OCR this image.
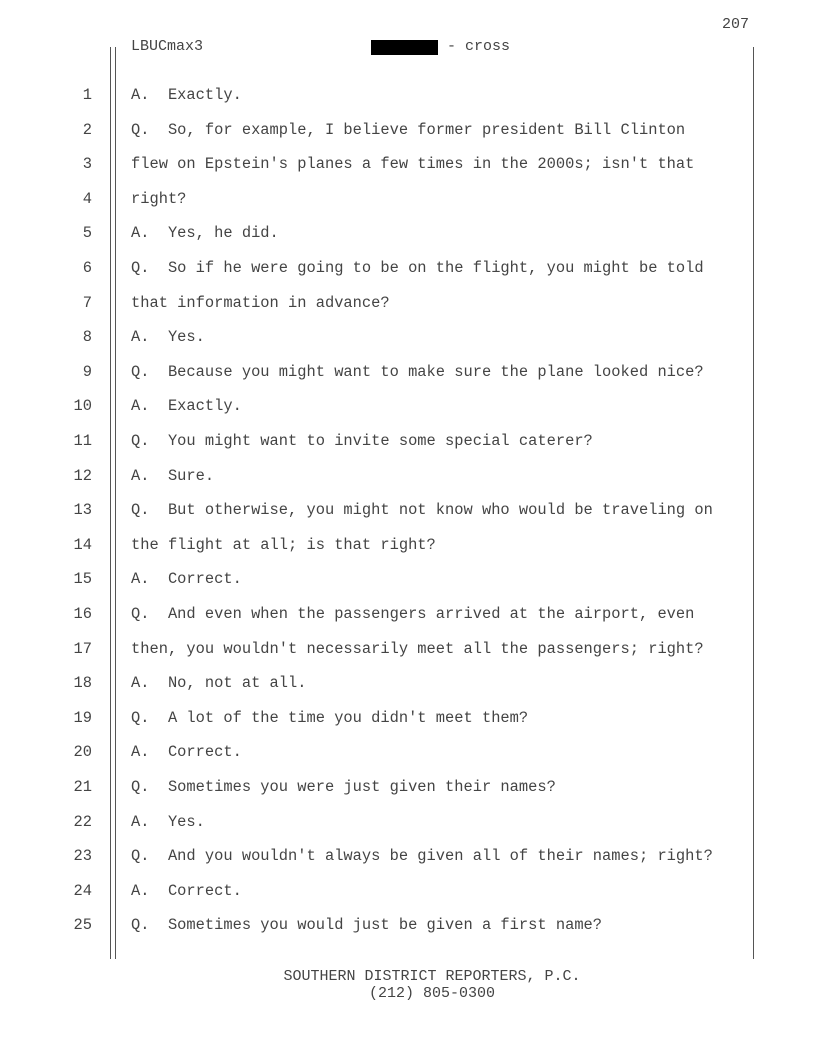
207
LBUCmax3	- cross
1	A.  Exactly.
2	Q.  So, for example, I believe former president Bill Clinton
3	flew on Epstein's planes a few times in the 2000s; isn't that
4	right?
5	A.  Yes, he did.
6	Q.  So if he were going to be on the flight, you might be told
7	that information in advance?
8	A.  Yes.
9	Q.  Because you might want to make sure the plane looked nice?
10	A.  Exactly.
11	Q.  You might want to invite some special caterer?
12	A.  Sure.
13	Q.  But otherwise, you might not know who would be traveling on
14	the flight at all; is that right?
15	A.  Correct.
16	Q.  And even when the passengers arrived at the airport, even
17	then, you wouldn't necessarily meet all the passengers; right?
18	A.  No, not at all.
19	Q.  A lot of the time you didn't meet them?
20	A.  Correct.
21	Q.  Sometimes you were just given their names?
22	A.  Yes.
23	Q.  And you wouldn't always be given all of their names; right?
24	A.  Correct.
25	Q.  Sometimes you would just be given a first name?
SOUTHERN DISTRICT REPORTERS, P.C.
(212) 805-0300
